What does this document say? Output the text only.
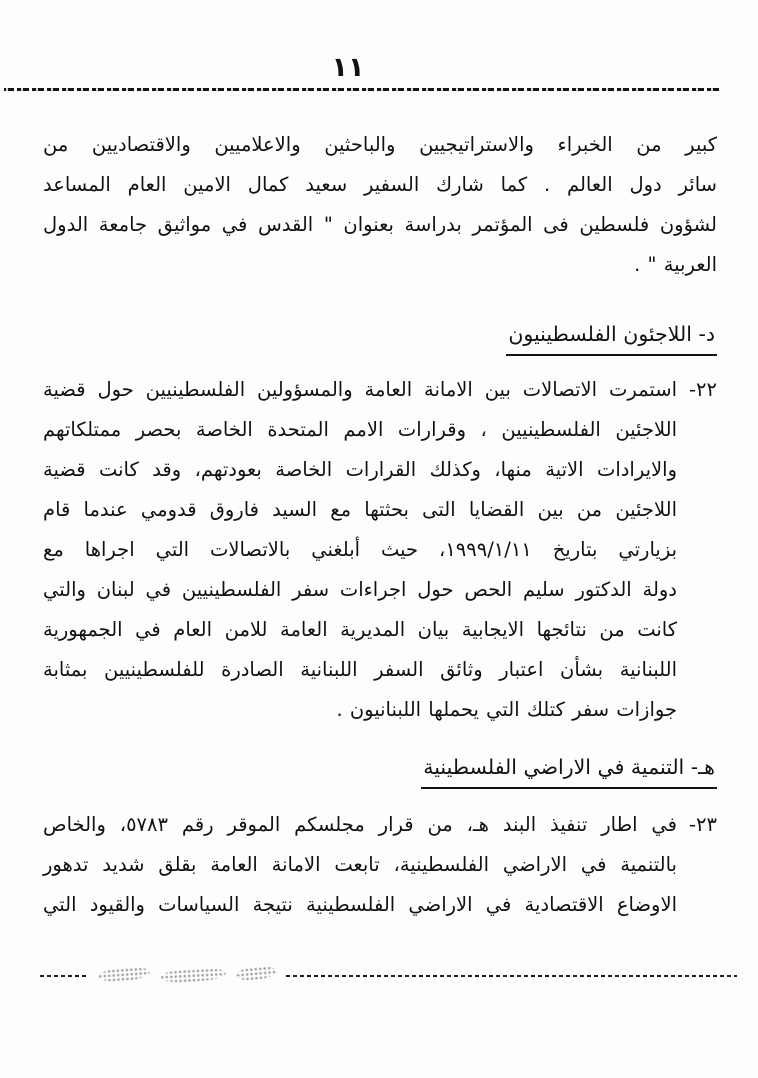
١١
كبير من الخبراء والاستراتيجيين والباحثين والاعلاميين والاقتصاديين من
سائر دول العالم . كما شارك السفير سعيد كمال الامين العام المساعد
لشؤون فلسطين فى المؤتمر بدراسة بعنوان " القدس في مواثيق جامعة الدول
العربية " .
د- اللاجئون الفلسطينيون
٢٢-
استمرت الاتصالات بين الامانة العامة والمسؤولين الفلسطينيين حول قضية
اللاجئين الفلسطينيين ، وقرارات الامم المتحدة الخاصة بحصر ممتلكاتهم
والايرادات الاتية منها، وكذلك القرارات الخاصة بعودتهم، وقد كانت قضية
اللاجئين من بين القضايا التى بحثتها مع السيد فاروق قدومي عندما قام
بزيارتي بتاريخ ١٩٩٩/١/١١، حيث أبلغني بالاتصالات التي اجراها مع
دولة الدكتور سليم الحص حول اجراءات سفر الفلسطينيين في لبنان والتي
كانت من نتائجها الايجابية بيان المديرية العامة للامن العام في الجمهورية
اللبنانية بشأن اعتبار وثائق السفر اللبنانية الصادرة للفلسطينيين بمثابة
جوازات سفر كتلك التي يحملها اللبنانيون .
هـ- التنمية في الاراضي الفلسطينية
٢٣-
في اطار تنفيذ البند هـ، من قرار مجلسكم الموقر رقم ٥٧٨٣، والخاص
بالتنمية في الاراضي الفلسطينية، تابعت الامانة العامة بقلق شديد تدهور
الاوضاع الاقتصادية في الاراضي الفلسطينية نتيجة السياسات والقيود التي
